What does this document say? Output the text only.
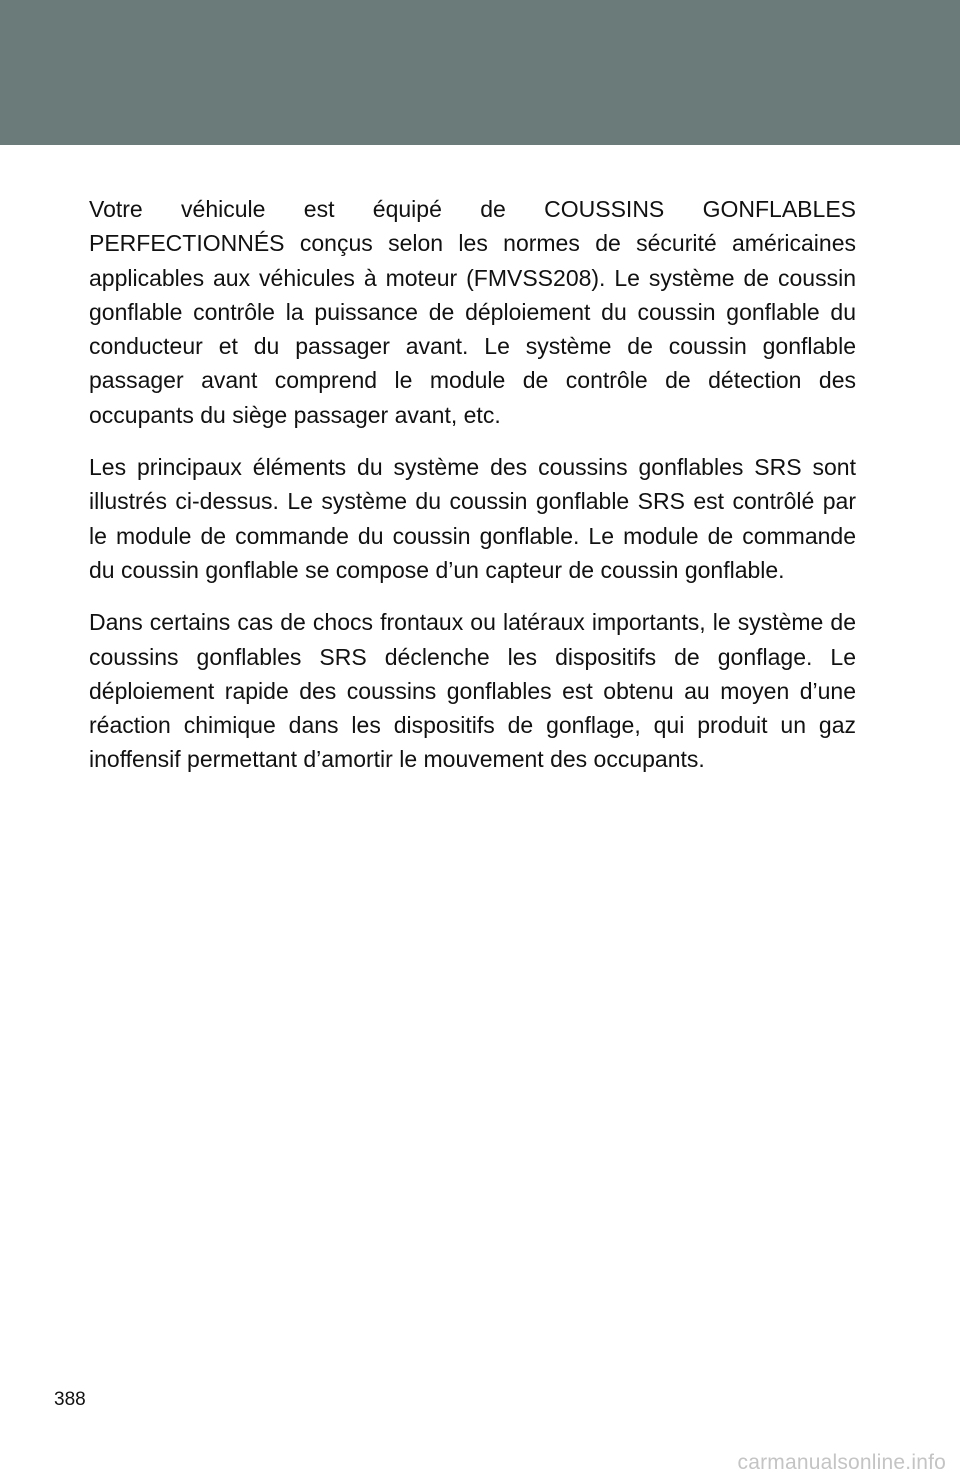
Votre véhicule est équipé de COUSSINS GONFLABLES PERFECTIONNÉS conçus selon les normes de sécurité américaines applicables aux véhicules à moteur (FMVSS208). Le système de coussin gonflable contrôle la puissance de déploiement du coussin gonflable du conducteur et du passager avant. Le système de coussin gonflable passager avant comprend le module de contrôle de détection des occupants du siège passager avant, etc.

Les principaux éléments du système des coussins gonflables SRS sont illustrés ci-dessus. Le système du coussin gonflable SRS est contrôlé par le module de commande du coussin gonflable. Le module de commande du coussin gonflable se compose d’un capteur de coussin gonflable.

Dans certains cas de chocs frontaux ou latéraux importants, le système de coussins gonflables SRS déclenche les dispositifs de gonflage. Le déploiement rapide des coussins gonflables est obtenu au moyen d’une réaction chimique dans les dispositifs de gonflage, qui produit un gaz inoffensif permettant d’amortir le mouvement des occupants.

388
carmanualsonline.info
